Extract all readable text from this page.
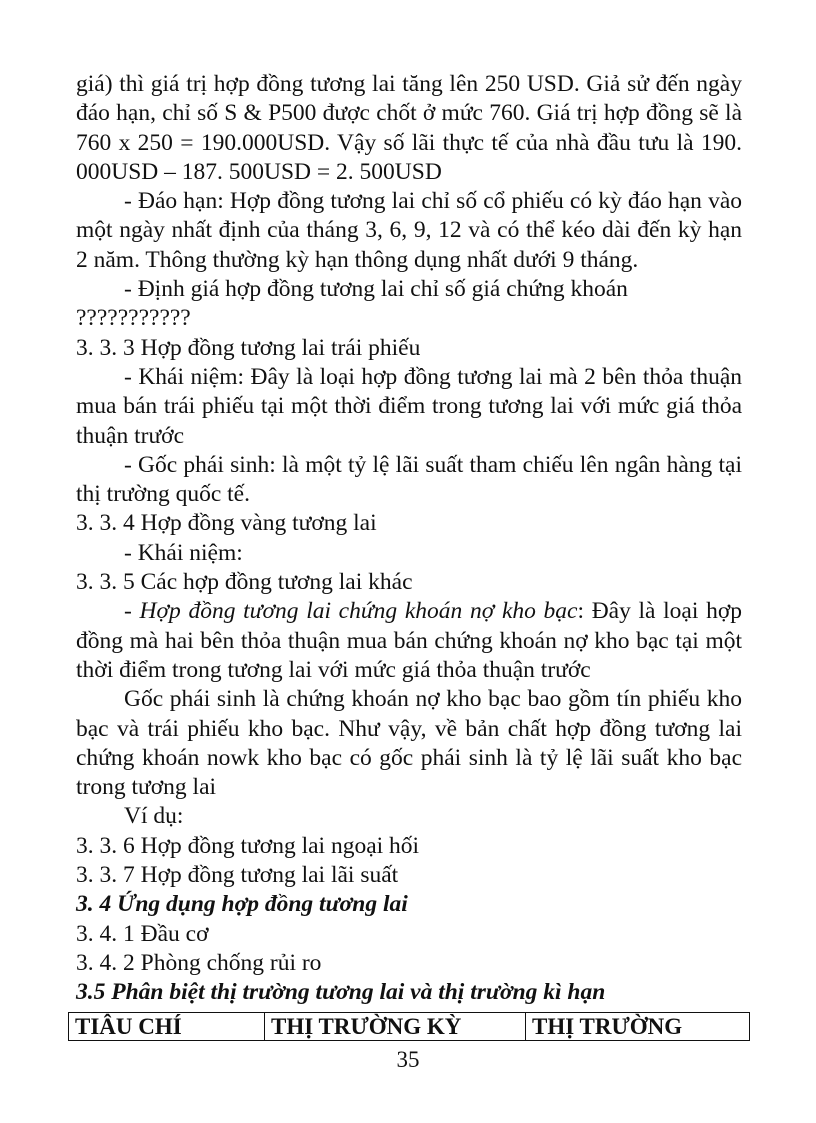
giá) thì giá trị hợp đồng tương lai tăng lên 250 USD. Giả sử đến ngày đáo hạn, chỉ số S & P500 được chốt ở mức 760. Giá trị hợp đồng sẽ là 760 x 250 = 190.000USD. Vậy số lãi thực tế của nhà đầu tưu là 190. 000USD – 187. 500USD = 2. 500USD

- Đáo hạn: Hợp đồng tương lai chỉ số cổ phiếu có kỳ đáo hạn vào một ngày nhất định của tháng 3, 6, 9, 12 và có thể kéo dài đến kỳ hạn 2 năm. Thông thường kỳ hạn thông dụng nhất dưới 9 tháng.

- Định giá hợp đồng tương lai chỉ số giá chứng khoán

???????????

3. 3. 3 Hợp đồng tương lai trái phiếu

- Khái niệm: Đây là loại hợp đồng tương lai mà 2 bên thỏa thuận mua bán trái phiếu tại một thời điểm trong tương lai với mức giá thỏa thuận trước

- Gốc phái sinh: là một tỷ lệ lãi suất tham chiếu lên ngân hàng tại thị trường quốc tế.

3. 3. 4 Hợp đồng vàng tương lai

- Khái niệm:

3. 3. 5 Các hợp đồng tương lai khác

- Hợp đồng tương lai chứng khoán nợ kho bạc: Đây là loại hợp đồng mà hai bên thỏa thuận mua bán chứng khoán nợ kho bạc tại một thời điểm trong tương lai với mức giá thỏa thuận trước

Gốc phái sinh là chứng khoán nợ kho bạc bao gồm tín phiếu kho bạc và trái phiếu kho bạc. Như vậy, về bản chất hợp đồng tương lai chứng khoán nowk kho bạc có gốc phái sinh là tỷ lệ lãi suất kho bạc trong tương lai

Ví dụ:

3. 3. 6 Hợp đồng tương lai ngoại hối

3. 3. 7 Hợp đồng tương lai lãi suất

3. 4 Ứng dụng hợp đồng tương lai

3. 4. 1 Đầu cơ

3. 4. 2 Phòng chống rủi ro

3.5 Phân biệt thị trường tương lai và thị trường kì hạn

TIÂU CHÍ	THỊ TRƯỜNG KỲ	THỊ TRƯỜNG
35
